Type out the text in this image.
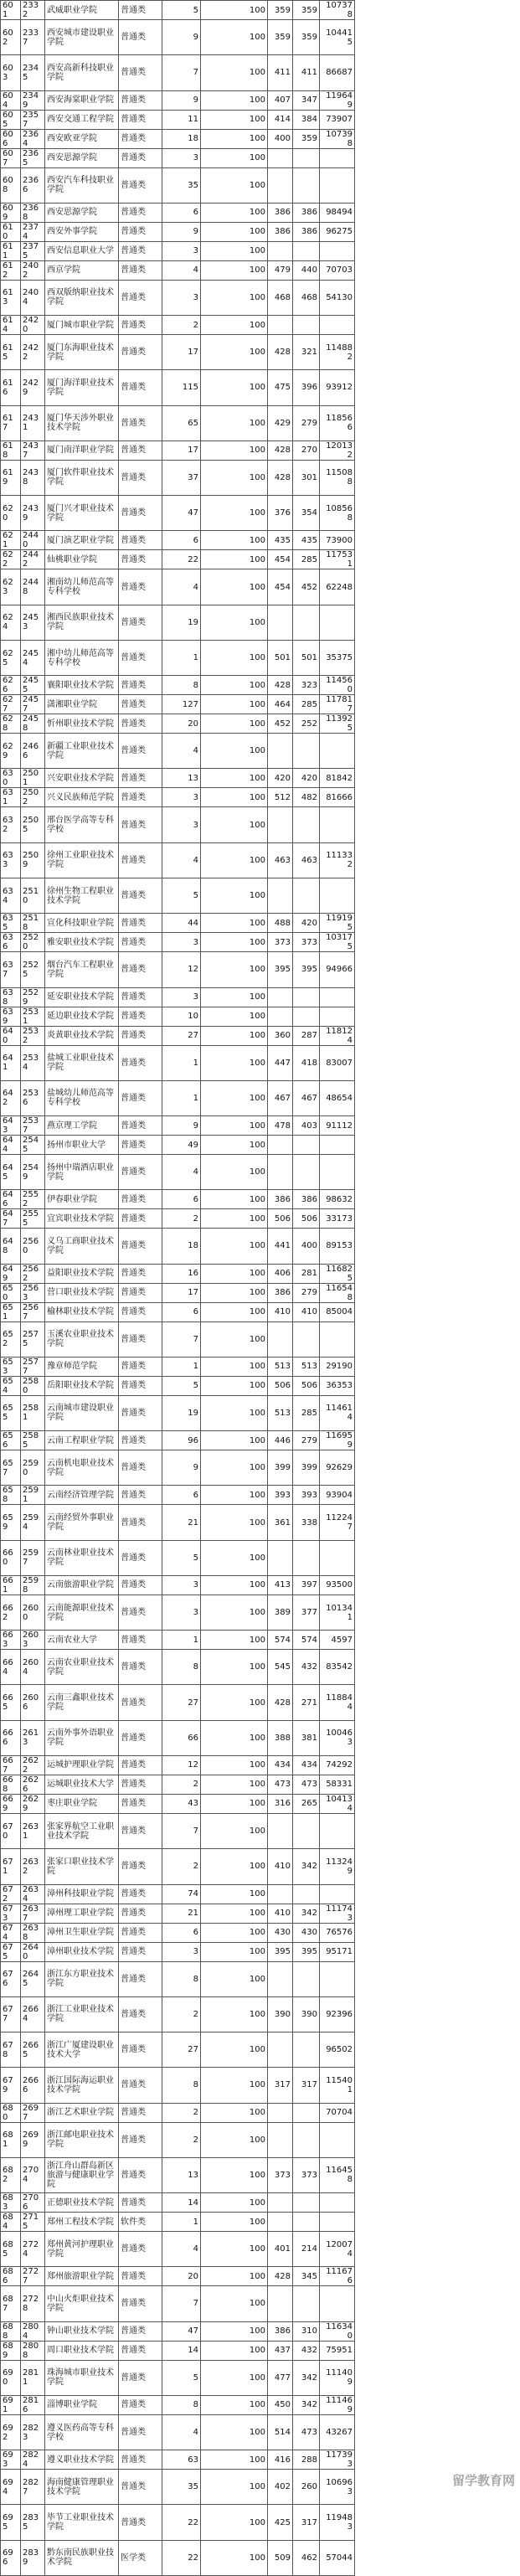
601	2332	武威职业学院	普通类	5	100	359	359	107378
602	2337	西安城市建设职业学院	普通类	9	100	359	359	104415
603	2345	西安高新科技职业学院	普通类	7	100	411	411	86687
604	2349	西安海棠职业学院	普通类	9	100	407	347	119649
605	2357	西安交通工程学院	普通类	11	100	414	384	73907
606	2364	西安欧亚学院	普通类	18	100	400	359	107398
607	2365	西安思源学院	普通类	3	100			
608	2366	西安汽车科技职业学院	普通类	35	100			
609	2368	西安思源学院	普通类	6	100	386	386	98494
610	2374	西安外事学院	普通类	9	100	386	386	96275
611	2375	西安信息职业大学	普通类	3	100			
612	2402	西京学院	普通类	4	100	479	440	70703
613	2404	西双版纳职业技术学院	普通类	3	100	468	468	54130
614	2420	厦门城市职业学院	普通类	2	100			
615	2422	厦门东海职业技术学院	普通类	17	100	428	321	114882
616	2429	厦门海洋职业技术学院	普通类	115	100	475	396	93912
617	2431	厦门华天涉外职业技术学院	普通类	65	100	429	279	118566
618	2437	厦门南洋职业学院	普通类	17	100	428	270	120132
619	2438	厦门软件职业技术学院	普通类	37	100	428	301	115088
620	2439	厦门兴才职业技术学院	普通类	47	100	376	354	108568
621	2440	厦门演艺职业学院	普通类	6	100	435	435	73900
622	2442	仙桃职业学院	普通类	22	100	454	285	117531
623	2448	湘南幼儿师范高等专科学校	普通类	4	100	454	452	62248
624	2453	湘西民族职业技术学院	普通类	19	100			
625	2454	湘中幼儿师范高等专科学校	普通类	1	100	501	501	35375
626	2455	襄阳职业技术学院	普通类	8	100	428	323	114560
627	2457	潇湘职业学院	普通类	127	100	464	285	117817
628	2458	忻州职业技术学院	普通类	20	100	452	252	113925
629	2466	新疆工业职业技术学院	普通类	4	100			
630	2501	兴安职业技术学院	普通类	13	100	420	420	81842
631	2502	兴义民族师范学院	普通类	3	100	512	482	81666
632	2505	邢台医学高等专科学校	普通类	3	100			
633	2509	徐州工业职业技术学院	普通类	4	100	463	463	111332
634	2510	徐州生物工程职业技术学院	普通类	5	100			
635	2518	宣化科技职业学院	普通类	44	100	488	420	119195
636	2520	雅安职业技术学院	普通类	3	100	373	373	103175
637	2525	烟台汽车工程职业学院	普通类	12	100	395	395	94966
638	2529	延安职业技术学院	普通类	3	100			
639	2531	延边职业技术学院	普通类	10	100			
640	2532	炎黄职业技术学院	普通类	27	100	360	287	118124
641	2534	盐城工业职业技术学院	普通类	1	100	447	418	83007
642	2536	盐城幼儿师范高等专科学校	普通类	1	100	467	467	48654
643	2537	燕京理工学院	普通类	9	100	478	403	91112
644	2545	扬州市职业大学	普通类	49	100			
645	2549	扬州中瑞酒店职业学院	普通类	4	100			
646	2552	伊春职业学院	普通类	6	100	386	386	98632
647	2555	宜宾职业技术学院	普通类	2	100	506	506	33173
648	2560	义乌工商职业技术学院	普通类	18	100	441	400	89153
649	2562	益阳职业技术学院	普通类	16	100	406	281	116825
650	2563	营口职业技术学院	普通类	17	100	386	279	116548
651	2567	榆林职业技术学院	普通类	6	100	410	410	85004
652	2575	玉溪农业职业技术学院	普通类	7	100			
653	2577	豫章师范学院	普通类	1	100	513	513	29190
654	2580	岳阳职业技术学院	普通类	5	100	506	506	36353
655	2581	云南城市建设职业学院	普通类	19	100	513	285	114614
656	2585	云南工程职业学院	普通类	96	100	446	279	116959
657	2590	云南机电职业技术学院	普通类	9	100	399	399	92629
658	2591	云南经济管理学院	普通类	6	100	393	393	93904
659	2594	云南经贸外事职业学院	普通类	21	100	361	338	112247
660	2597	云南林业职业技术学院	普通类	5	100			
661	2598	云南旅游职业学院	普通类	3	100	413	397	93500
662	2600	云南能源职业技术学院	普通类	3	100	389	377	101341
663	2603	云南农业大学	普通类	1	100	574	574	4597
664	2604	云南农业职业技术学院	普通类	8	100	545	432	83542
665	2606	云南三鑫职业技术学院	普通类	27	100	428	271	118844
666	2613	云南外事外语职业学院	普通类	66	100	388	381	100463
667	2622	运城护理职业学院	普通类	12	100	434	434	74292
668	2626	运城职业技术大学	普通类	2	100	473	473	58331
669	2629	枣庄职业学院	普通类	43	100	316	265	104134
670	2631	张家界航空工业职业技术学院	普通类	7	100			
671	2632	张家口职业技术学院	普通类	2	100	410	342	113249
672	2634	漳州科技职业学院	普通类	74	100			
673	2637	漳州理工职业学院	普通类	21	100	410	342	111743
674	2638	漳州卫生职业学院	普通类	6	100	430	430	76576
675	2640	漳州职业技术学院	普通类	3	100	395	395	95171
676	2645	浙江东方职业技术学院	普通类	8	100			
677	2664	浙江工业职业技术学院	普通类	2	100	390	390	92396
678	2665	浙江广厦建设职业技术大学	普通类	27	100			96502
679	2666	浙江国际海运职业技术学院	普通类	8	100	317	317	115401
680	2697	浙江艺术职业学院	普通类	2	100			70704
681	2699	浙江邮电职业技术学院	普通类	2	100			
682	2704	浙江舟山群岛新区旅游与健康职业学院	普通类	13	100	373	373	116458
683	2706	正德职业技术学院	普通类	14	100			
684	2715	郑州工程技术学院	软件类	1	100			
685	2724	郑州黄河护理职业学院	普通类	4	100	401	214	120074
686	2727	郑州旅游职业学院	普通类	20	100	428	345	111676
687	2728	中山火炬职业技术学院	普通类	7	100			
688	2804	钟山职业技术学院	普通类	47	100	386	310	116340
689	2808	周口职业技术学院	普通类	14	100	437	432	75951
690	2811	珠海城市职业技术学院	普通类	5	100	477	342	111409
691	2816	淄博职业学院	普通类	8	100	450	342	111469
692	2823	遵义医药高等专科学校	普通类	4	100	514	473	43267
693	2824	遵义职业技术学院	普通类	63	100	416	288	117393
694	2827	海南健康管理职业技术学院	普通类	35	100	402	260	106963
695	2835	毕节工业职业技术学院	普通类	22	100	425	317	119483
696	2839	黔东南民族职业技术学院	医学类	22	100	509	462	57044
留学教育网
